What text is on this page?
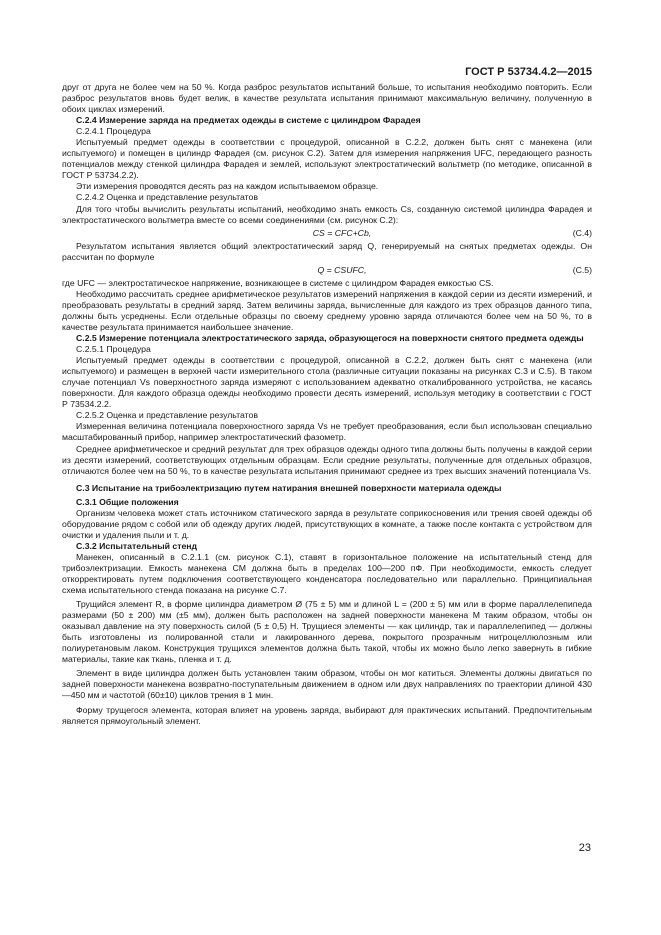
ГОСТ Р 53734.4.2—2015

друг от друга не более чем на 50 %. Когда разброс результатов испытаний больше, то испытания необходимо повторить. Если разброс результатов вновь будет велик, в качестве результата испытания принимают максимальную величину, полученную в обоих циклах измерений.

С.2.4 Измерение заряда на предметах одежды в системе с цилиндром Фарадея

С.2.4.1 Процедура

Испытуемый предмет одежды в соответствии с процедурой, описанной в С.2.2, должен быть снят с манекена (или испытуемого) и помещен в цилиндр Фарадея (см. рисунок С.2). Затем для измерения напряжения UFC, передающего разность потенциалов между стенкой цилиндра Фарадея и землей, используют электростатический вольтметр (по методике, описанной в ГОСТ Р 53734.2.2).

Эти измерения проводятся десять раз на каждом испытываемом образце.

С.2.4.2 Оценка и представление результатов

Для того чтобы вычислить результаты испытаний, необходимо знать емкость Cs, созданную системой цилиндра Фарадея и электростатического вольтметра вместе со всеми соединениями (см. рисунок С.2):

CS = CFC+Cb,	(С.4)

Результатом испытания является общий электростатический заряд Q, генерируемый на снятых предметах одежды. Он рассчитан по формуле

Q = CSUFC,	(С.5)

где UFC — электростатическое напряжение, возникающее в системе с цилиндром Фарадея емкостью CS.

Необходимо рассчитать среднее арифметическое результатов измерений напряжения в каждой серии из десяти измерений, и преобразовать результаты в средний заряд. Затем величины заряда, вычисленные для каждого из трех образцов данного типа, должны быть усреднены. Если отдельные образцы по своему среднему уровню заряда отличаются более чем на 50 %, то в качестве результата принимается наибольшее значение.

С.2.5 Измерение потенциала электростатического заряда, образующегося на поверхности снятого предмета одежды

С.2.5.1 Процедура

Испытуемый предмет одежды в соответствии с процедурой, описанной в С.2.2, должен быть снят с манекена (или испытуемого) и размещен в верхней части измерительного стола (различные ситуации показаны на рисунках С.3 и С.5). В таком случае потенциал Vs поверхностного заряда измеряют с использованием адекватно откалиброванного устройства, не касаясь поверхности. Для каждого образца одежды необходимо провести десять измерений, используя методику в соответствии с ГОСТ Р 73534.2.2.

С.2.5.2 Оценка и представление результатов

Измеренная величина потенциала поверхностного заряда Vs не требует преобразования, если был использован специально масштабированный прибор, например электростатический фазометр.

Среднее арифметическое и средний результат для трех образцов одежды одного типа должны быть получены в каждой серии из десяти измерений, соответствующих отдельным образцам. Если средние результаты, полученные для отдельных образцов, отличаются более чем на 50 %, то в качестве результата испытания принимают среднее из трех высших значений потенциала Vs.

С.3 Испытание на трибоэлектризацию путем натирания внешней поверхности материала одежды

С.3.1 Общие положения

Организм человека может стать источником статического заряда в результате соприкосновения или трения своей одежды об оборудование рядом с собой или об одежду других людей, присутствующих в комнате, а также после контакта с устройством для очистки и удаления пыли и т. д.

С.3.2 Испытательный стенд

Манекен, описанный в С.2.1.1 (см. рисунок С.1), ставят в горизонтальное положение на испытательный стенд для трибоэлектризации. Емкость манекена CM должна быть в пределах 100—200 пФ. При необходимости, емкость следует откорректировать путем подключения соответствующего конденсатора последовательно или параллельно. Принципиальная схема испытательного стенда показана на рисунке С.7.

Трущийся элемент R, в форме цилиндра диаметром Ø (75 ± 5) мм и длиной L = (200 ± 5) мм или в форме параллелепипеда размерами (50 ± 200) мм (±5 мм), должен быть расположен на задней поверхности манекена М таким образом, чтобы он оказывал давление на эту поверхность силой (5 ± 0,5) Н. Трущиеся элементы — как цилиндр, так и параллелепипед — должны быть изготовлены из полированной стали и лакированного дерева, покрытого прозрачным нитроцеллюлозным или полиуретановым лаком. Конструкция трущихся элементов должна быть такой, чтобы их можно было легко завернуть в гибкие материалы, такие как ткань, пленка и т. д.

Элемент в виде цилиндра должен быть установлен таким образом, чтобы он мог катиться. Элементы должны двигаться по задней поверхности манекена возвратно-поступательным движением в одном или двух направлениях по траектории длиной 430—450 мм и частотой (60±10) циклов трения в 1 мин.

Форму трущегося элемента, которая влияет на уровень заряда, выбирают для практических испытаний. Предпочтительным является прямоугольный элемент.

23
